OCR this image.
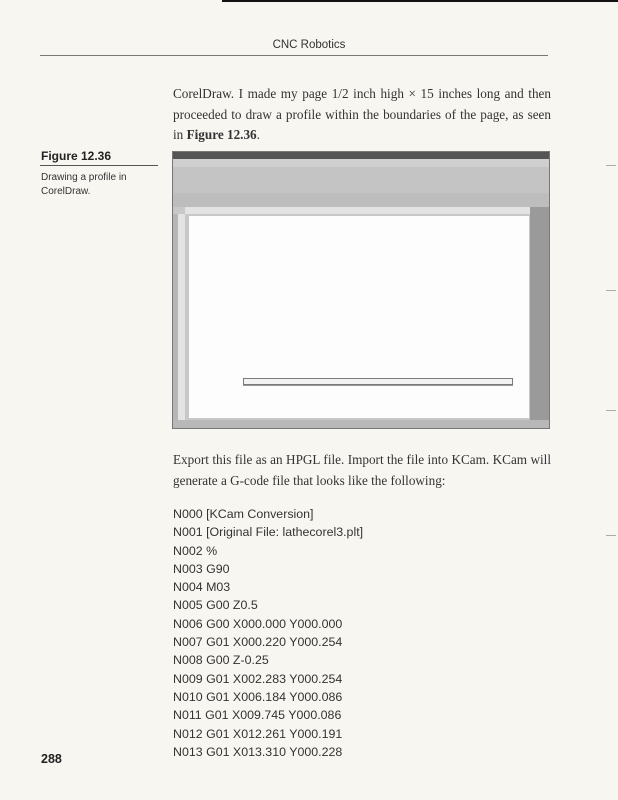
CNC Robotics

CorelDraw. I made my page 1/2 inch high × 15 inches long and then proceeded to draw a profile within the boundaries of the page, as seen in Figure 12.36.

Figure 12.36
Drawing a profile in CorelDraw.

Export this file as an HPGL file. Import the file into KCam. KCam will generate a G-code file that looks like the following:

N000 [KCam Conversion]
N001 [Original File: lathecorel3.plt]
N002 %
N003 G90
N004 M03
N005 G00 Z0.5
N006 G00 X000.000 Y000.000
N007 G01 X000.220 Y000.254
N008 G00 Z-0.25
N009 G01 X002.283 Y000.254
N010 G01 X006.184 Y000.086
N011 G01 X009.745 Y000.086
N012 G01 X012.261 Y000.191
N013 G01 X013.310 Y000.228
288
